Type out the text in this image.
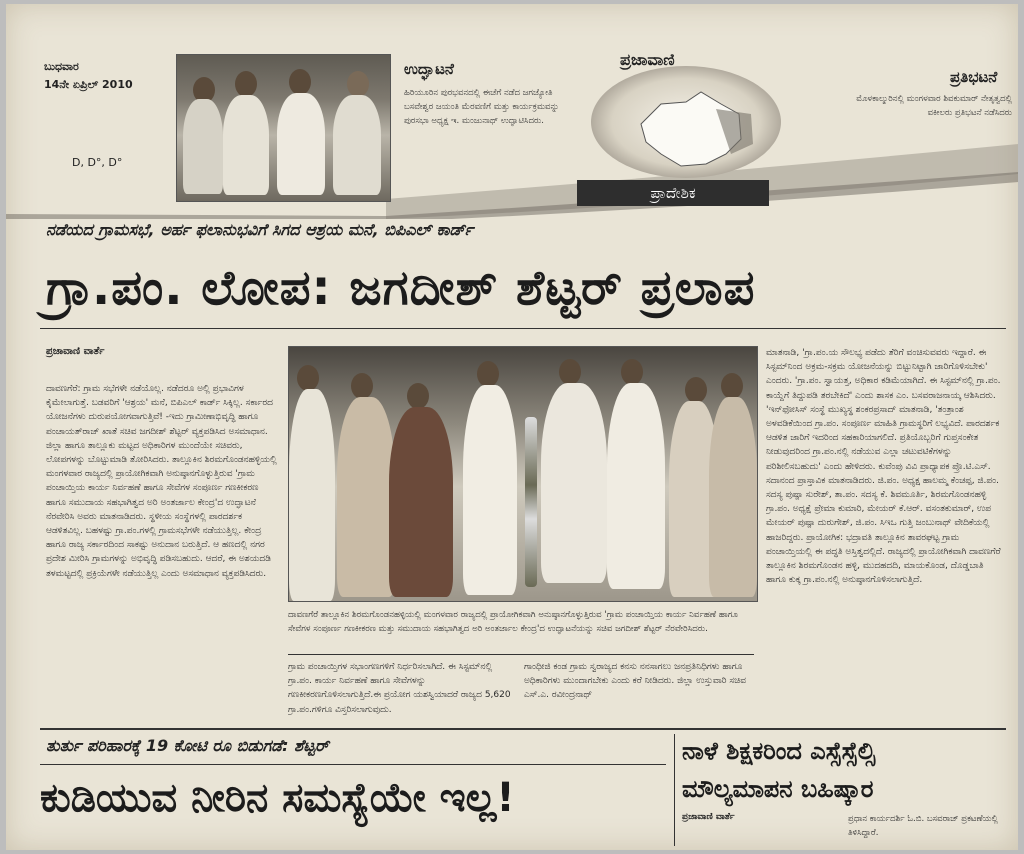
ಬುಧವಾರ
14ನೇ ಏಪ್ರಿಲ್ 2010
D, D°, D°
ಉದ್ಘಾಟನೆ
ಹಿರಿಯೂರಿನ ಪುರಭವನದಲ್ಲಿ ಈಚೆಗೆ ನಡೆದ ಜಗಜ್ಯೋತಿ ಬಸವೇಶ್ವರ ಜಯಂತಿ ಮೆರವಣಿಗೆ ಮತ್ತು ಕಾರ್ಯಕ್ರಮವನ್ನು ಪುರಸಭಾ ಅಧ್ಯಕ್ಷ ಇ. ಮಂಜುನಾಥ್ ಉದ್ಘಾಟಿಸಿದರು.
ಪ್ರಜಾವಾಣಿ
ಪ್ರಾದೇಶಿಕ
ಪ್ರತಿಭಟನೆ
ಮೊಳಕಾಲ್ಮುರಿನಲ್ಲಿ ಮಂಗಳವಾರ ಶಿವಕುಮಾರ್ ನೇತೃತ್ವದಲ್ಲಿ ವಕೀಲರು ಪ್ರತಿಭಟನೆ ನಡೆಸಿದರು
ನಡೆಯದ ಗ್ರಾಮಸಭೆ, ಅರ್ಹ ಫಲಾನುಭವಿಗೆ ಸಿಗದ ಆಶ್ರಯ ಮನೆ, ಬಿಪಿಎಲ್ ಕಾರ್ಡ್
ಗ್ರಾ.ಪಂ. ಲೋಪ: ಜಗದೀಶ್ ಶೆಟ್ಟರ್ ಪ್ರಲಾಪ
ಪ್ರಜಾವಾಣಿ ವಾರ್ತೆ
ದಾವಣಗೆರೆ: ಗ್ರಾಮ ಸಭೆಗಳೇ ನಡೆಯೊಲ್ಲ. ನಡೆದರೂ ಅಲ್ಲಿ ಪ್ರಭಾವಿಗಳ ಕೈಮೇಲಾಗುತ್ತೆ. ಬಡವರಿಗೆ 'ಆಶ್ರಯ' ಮನೆ, ಬಿಪಿಎಲ್ ಕಾರ್ಡ್ ಸಿಕ್ಕಿಲ್ಲ. ಸರ್ಕಾರದ ಯೋಜನೆಗಳು ದುರುಪಯೋಗವಾಗುತ್ತಿವೆ! -ಇದು ಗ್ರಾಮೀಣಾಭಿವೃದ್ಧಿ ಹಾಗೂ ಪಂಚಾಯತ್‌ರಾಜ್ ಖಾತೆ ಸಚಿವ ಜಗದೀಶ್ ಶೆಟ್ಟರ್ ವ್ಯಕ್ತಪಡಿಸಿದ ಅಸಮಾಧಾನ. ಜಿಲ್ಲಾ ಹಾಗೂ ತಾಲ್ಲೂಕು ಮಟ್ಟದ ಅಧಿಕಾರಿಗಳ ಮುಂದೆಯೇ ಸಚಿವರು, ಲೋಪಗಳನ್ನು ಬೊಟ್ಟುಮಾಡಿ ತೋರಿಸಿದರು. ತಾಲ್ಲೂಕಿನ ಶಿರಮಗೊಂಡನಹಳ್ಳಿಯಲ್ಲಿ ಮಂಗಳವಾರ ರಾಜ್ಯದಲ್ಲಿ ಪ್ರಾಯೋಗಿಕವಾಗಿ ಅನುಷ್ಠಾನಗೊಳ್ಳುತ್ತಿರುವ 'ಗ್ರಾಮ ಪಂಚಾಯ್ತಿಯ ಕಾರ್ಯ ನಿರ್ವಹಣೆ ಹಾಗೂ ಸೇವೆಗಳ ಸಂಪೂರ್ಣ ಗಣಕೀಕರಣ ಹಾಗೂ ಸಮುದಾಯ ಸಹಭಾಗಿತ್ವದ ಅರಿ ಅಂತರ್ಜಾಲ ಕೇಂದ್ರ'ದ ಉದ್ಘಾಟನೆ ನೆರವೇರಿಸಿ ಅವರು ಮಾತನಾಡಿದರು. ಸ್ಥಳೀಯ ಸಂಸ್ಥೆಗಳಲ್ಲಿ ಪಾರದರ್ಶಕ ಆಡಳಿತವಿಲ್ಲ. ಬಹಳಷ್ಟು ಗ್ರಾ.ಪಂ.ಗಳಲ್ಲಿ ಗ್ರಾಮಸಭೆಗಳೇ ನಡೆಯುತ್ತಿಲ್ಲ. ಕೇಂದ್ರ ಹಾಗೂ ರಾಜ್ಯ ಸರ್ಕಾರದಿಂದ ಸಾಕಷ್ಟು ಅನುದಾನ ಬರುತ್ತಿದೆ. ಆ ಹಣದಲ್ಲಿ ನಗರ ಪ್ರದೇಶ ಮೀರಿಸಿ ಗ್ರಾಮಗಳನ್ನು ಅಭಿವೃದ್ಧಿ ಪಡಿಸಬಹುದು. ಆದರೆ, ಈ ಅಶಯದಡಿ ತಳಮಟ್ಟದಲ್ಲಿ ಪ್ರಕ್ರಿಯೆಗಳೇ ನಡೆಯುತ್ತಿಲ್ಲ ಎಂದು ಅಸಮಾಧಾನ ವ್ಯಕ್ತಪಡಿಸಿದರು.
ದಾವಣಗೆರೆ ತಾಲ್ಲೂಕಿನ ಶಿರಮಗೊಂಡನಹಳ್ಳಿಯಲ್ಲಿ ಮಂಗಳವಾರ ರಾಜ್ಯದಲ್ಲಿ ಪ್ರಾಯೋಗಿಕವಾಗಿ ಅನುಷ್ಠಾನಗೊಳ್ಳುತ್ತಿರುವ 'ಗ್ರಾಮ ಪಂಚಾಯ್ತಿಯ ಕಾರ್ಯ ನಿರ್ವಹಣೆ ಹಾಗೂ ಸೇವೆಗಳ ಸಂಪೂರ್ಣ ಗಣಕೀಕರಣ ಮತ್ತು ಸಮುದಾಯ ಸಹಭಾಗಿತ್ವದ ಅರಿ ಅಂತರ್ಜಾಲ ಕೇಂದ್ರ'ದ ಉದ್ಘಾಟನೆಯನ್ನು ಸಚಿವ ಜಗದೀಶ್ ಶೆಟ್ಟರ್ ನೆರವೇರಿಸಿದರು.
ಗ್ರಾಮ ಪಂಚಾಯ್ತಿಗಳ ಸಭಾಂಗಣಗಳಿಗೆ ನಿರ್ಧರಿಸಲಾಗಿದೆ. ಈ ಸಿಸ್ಟಮ್‌ನಲ್ಲಿ ಗ್ರಾ.ಪಂ. ಕಾರ್ಯ ನಿರ್ವಹಣೆ ಹಾಗೂ ಸೇವೆಗಳನ್ನು ಗಣಕೀಕರಣಗೊಳಿಸಲಾಗುತ್ತಿದೆ.ಈ ಪ್ರಯೋಗ ಯಶಸ್ವಿಯಾದರೆ ರಾಜ್ಯದ 5,620 ಗ್ರಾ.ಪಂ.ಗಳಿಗೂ ವಿಸ್ತರಿಸಲಾಗುವುದು.
ಗಾಂಧೀಜಿ ಕಂಡ ಗ್ರಾಮ ಸ್ವರಾಜ್ಯದ ಕನಸು ನನಸಾಗಲು ಜನಪ್ರತಿನಿಧಿಗಳು ಹಾಗೂ ಅಧಿಕಾರಿಗಳು ಮುಂದಾಗಬೇಕು ಎಂದು ಕರೆ ನೀಡಿದರು. ಜಿಲ್ಲಾ ಉಸ್ತುವಾರಿ ಸಚಿವ ಎಸ್.ಎ. ರವೀಂದ್ರನಾಥ್
ಮಾತನಾಡಿ, 'ಗ್ರಾ.ಪಂ.ಯ ಸೌಲಭ್ಯ ಪಡೆದು ತೆರಿಗೆ ವಂಚಿಸುವವರು ಇದ್ದಾರೆ. ಈ ಸಿಸ್ಟಮ್‌ನಿಂದ ಅಕ್ರಮ-ಸಕ್ರಮ ಯೋಜನೆಯನ್ನು ಬಿಟ್ಟುನಿಟ್ಟಾಗಿ ಜಾರಿಗೊಳಿಸಬೇಕು' ಎಂದರು. 'ಗ್ರಾ.ಪಂ. ಸ್ವಾಯತ್ತ, ಅಧಿಕಾರ ಕಡಿಮೆಯಾಗಿದೆ. ಈ ಸಿಸ್ಟಮ್‌ನಲ್ಲಿ ಗ್ರಾ.ಪಂ. ಕಾಯ್ದೆಗೆ ತಿದ್ದುಪಡಿ ತರಬೇಕಿದೆ' ಎಂದು ಶಾಸಕ ಎಂ. ಬಸವರಾಜನಾಯ್ಕ ಆಶಿಸಿದರು. 'ಇನ್‌ಫೋಸಿಸ್ ಸಂಸ್ಥೆ ಮುಖ್ಯಸ್ಥ ಶಂಕರಪ್ರಸಾದ್ ಮಾತನಾಡಿ, 'ತಂತ್ರಾಂಶ ಅಳವಡಿಕೆಯಿಂದ ಗ್ರಾ.ಪಂ. ಸಂಪೂರ್ಣ ಮಾಹಿತಿ ಗ್ರಾಮಸ್ಥರಿಗೆ ಲಭ್ಯವಿದೆ. ಪಾರದರ್ಶಕ ಆಡಳಿತ ಜಾರಿಗೆ ಇದರಿಂದ ಸಹಕಾರಿಯಾಗಲಿದೆ. ಪ್ರತಿಯೊಬ್ಬರಿಗೆ ಗುಪ್ತಸಂಕೇತ ನೀಡುವುದರಿಂದ ಗ್ರಾ.ಪಂ.ನಲ್ಲಿ ನಡೆಯುವ ಎಲ್ಲಾ ಚಟುವಟಿಕೆಗಳನ್ನು ಪರಿಶೀಲಿಸಬಹುದು' ಎಂದು ಹೇಳಿದರು. ಕುವೆಂಪು ವಿವಿ ಪ್ರಾಧ್ಯಾಪಕ ಪ್ರೊ.ಟಿ.ಎಸ್. ಸದಾನಂದ ಪ್ರಾಸ್ತಾವಿಕ ಮಾತನಾಡಿದರು. ಜಿ.ಪಂ. ಅಧ್ಯಕ್ಷ ಹಾಲಮ್ಮ ಕೆಂಚಪ್ಪ, ಜಿ.ಪಂ. ಸದಸ್ಯ ಪುಷ್ಪಾ ಸುರೇಶ್, ತಾ.ಪಂ. ಸದಸ್ಯ ಕೆ. ಶಿವಮೂರ್ತಿ, ಶಿರಮಗೊಂಡನಹಳ್ಳಿ ಗ್ರಾ.ಪಂ. ಅಧ್ಯಕ್ಷೆ ಪ್ರೇಮಾ ಕುಮಾರಿ, ಮೇಯರ್ ಕೆ.ಆರ್. ವಸಂತಕುಮಾರ್, ಉಪ ಮೇಯರ್ ಪುಷ್ಪಾ ದುರುಗೇಶ್, ಜಿ.ಪಂ. ಸಿಇಒ ಗುತ್ತಿ ಜಂಬುನಾಥ್ ವೇದಿಕೆಯಲ್ಲಿ ಹಾಜರಿದ್ದರು. ಪ್ರಾಯೋಗಿಕ: ಭದ್ರಾವತಿ ತಾಲ್ಲೂಕಿನ ತಾವರಘಟ್ಟ ಗ್ರಾಮ ಪಂಚಾಯ್ತಿಯಲ್ಲಿ ಈ ಪದ್ಧತಿ ಅಸ್ತಿತ್ವದಲ್ಲಿದೆ. ರಾಜ್ಯದಲ್ಲಿ ಪ್ರಾಯೋಗಿಕವಾಗಿ ದಾವಣಗೆರೆ ತಾಲ್ಲೂಕಿನ ಶಿರಮಗೊಂಡನ ಹಳ್ಳಿ, ಮುದಹದದಿ, ಮಾಯಕೊಂಡ, ದೊಡ್ಡಬಾತಿ ಹಾಗೂ ಕುಕ್ಕ ಗ್ರಾ.ಪಂ.ನಲ್ಲಿ ಅನುಷ್ಠಾನಗೊಳಿಸಲಾಗುತ್ತಿದೆ.
ತುರ್ತು ಪರಿಹಾರಕ್ಕೆ 19 ಕೋಟಿ ರೂ ಬಿಡುಗಡೆ: ಶೆಟ್ಟರ್
ಕುಡಿಯುವ ನೀರಿನ ಸಮಸ್ಯೆಯೇ ಇಲ್ಲ!
ನಾಳೆ ಶಿಕ್ಷಕರಿಂದ ಎಸ್ಸೆಸ್ಸೆಲ್ಸಿ
ಮೌಲ್ಯಮಾಪನ ಬಹಿಷ್ಕಾರ
ಪ್ರಜಾವಾಣಿ ವಾರ್ತೆ	ಪ್ರಧಾನ ಕಾರ್ಯದರ್ಶಿ ಓ.ಬಿ. ಬಸವರಾಜ್ ಪ್ರಕಟಣೆಯಲ್ಲಿ ತಿಳಿಸಿದ್ದಾರೆ.
